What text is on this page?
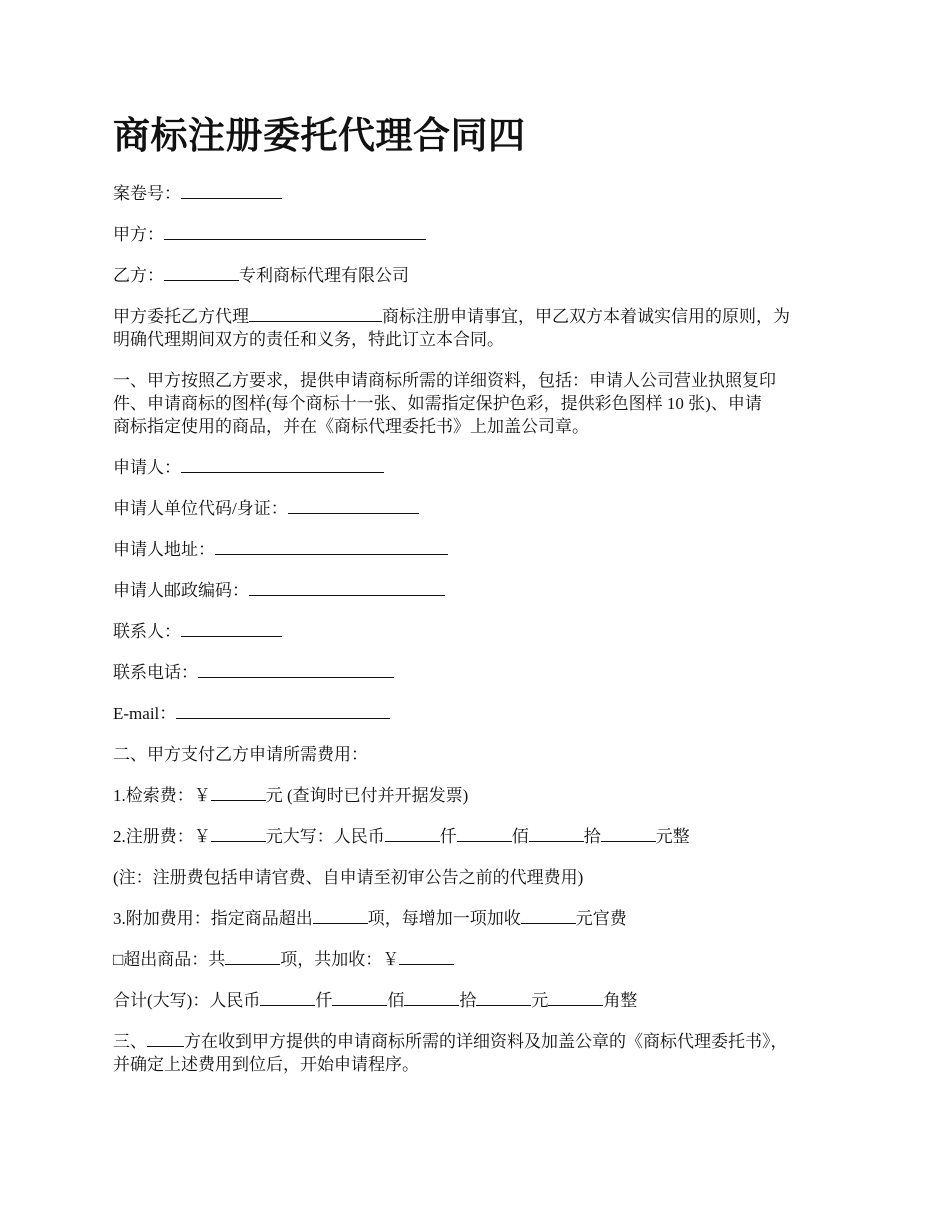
商标注册委托代理合同四
案卷号：
甲方：
乙方：	专利商标代理有限公司
甲方委托乙方代理	商标注册申请事宜，甲乙双方本着诚实信用的原则，为
明确代理期间双方的责任和义务，特此订立本合同。
一、甲方按照乙方要求，提供申请商标所需的详细资料，包括：申请人公司营业执照复印
件、申请商标的图样(每个商标十一张、如需指定保护色彩，提供彩色图样 10 张)、申请
商标指定使用的商品，并在《商标代理委托书》上加盖公司章。
申请人：
申请人单位代码/身证：
申请人地址：
申请人邮政编码：
联系人：
联系电话：
E-mail：
二、甲方支付乙方申请所需费用：
1.检索费：￥	元 (查询时已付并开据发票)
2.注册费：￥	元大写：人民币	仟	佰	拾	元整
(注：注册费包括申请官费、自申请至初审公告之前的代理费用)
3.附加费用：指定商品超出	项，每增加一项加收	元官费
□超出商品：共	项，共加收：￥
合计(大写)：人民币	仟	佰	拾	元	角整
三、 方在收到甲方提供的申请商标所需的详细资料及加盖公章的《商标代理委托书》，
并确定上述费用到位后，开始申请程序。
